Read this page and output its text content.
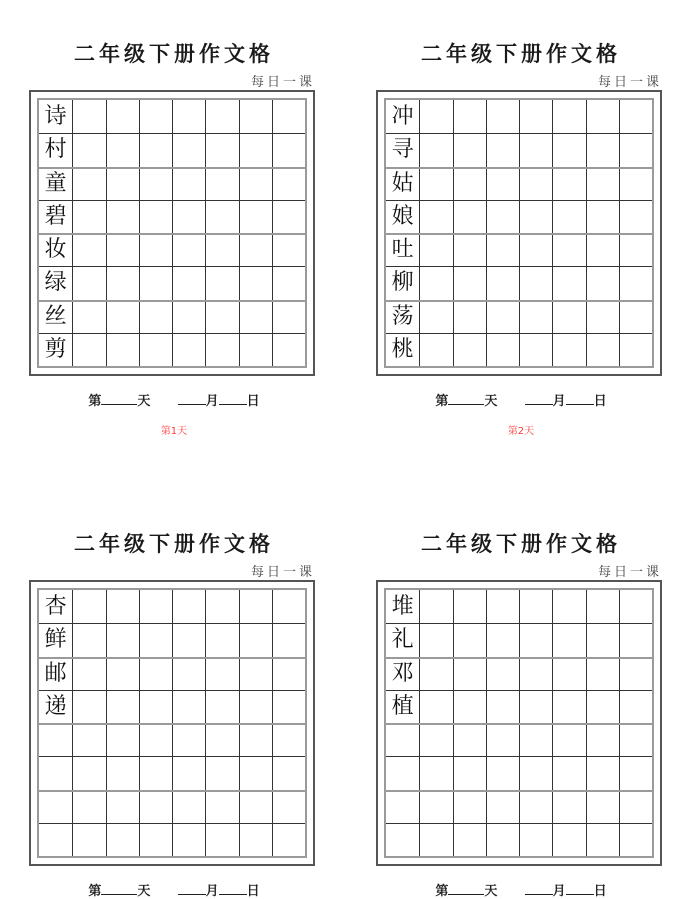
二年级下册作文格
每日一课
诗
村
童
碧
妆
绿
丝
剪
第	天	月 日
第1天
二年级下册作文格
每日一课
冲
寻
姑
娘
吐
柳
荡
桃
第	天	月 日
第2天
二年级下册作文格
每日一课
杏
鲜
邮
递
第	天	月 日
二年级下册作文格
每日一课
堆
礼
邓
植
第	天	月 日
